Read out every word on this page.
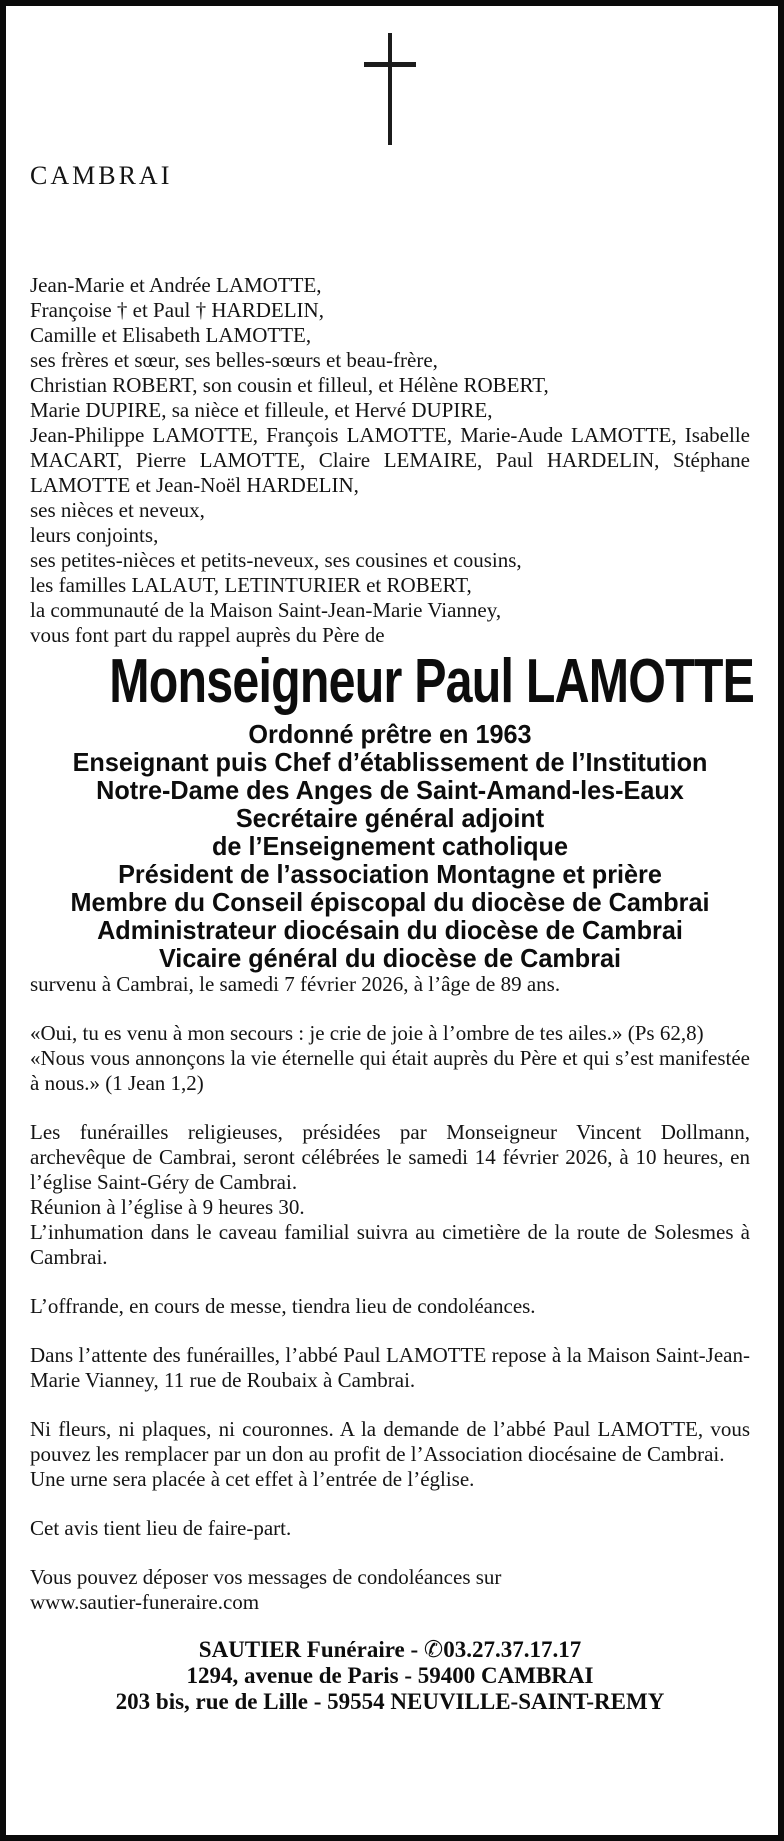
CAMBRAI

Jean-Marie et Andrée LAMOTTE,

Françoise † et Paul † HARDELIN,

Camille et Elisabeth LAMOTTE,

ses frères et sœur, ses belles-sœurs et beau-frère,

Christian ROBERT, son cousin et filleul, et Hélène ROBERT,

Marie DUPIRE, sa nièce et filleule, et Hervé DUPIRE,

Jean-Philippe LAMOTTE, François LAMOTTE, Marie-Aude LAMOTTE, Isabelle MACART, Pierre LAMOTTE, Claire LEMAIRE, Paul HARDELIN, Stéphane LAMOTTE et Jean-Noël HARDELIN,

ses nièces et neveux,

leurs conjoints,

ses petites-nièces et petits-neveux, ses cousines et cousins,

les familles LALAUT, LETINTURIER et ROBERT,

la communauté de la Maison Saint-Jean-Marie Vianney,

vous font part du rappel auprès du Père de

Monseigneur Paul LAMOTTE

Ordonné prêtre en 1963

Enseignant puis Chef d’établissement de l’Institution

Notre-Dame des Anges de Saint-Amand-les-Eaux

Secrétaire général adjoint

de l’Enseignement catholique

Président de l’association Montagne et prière

Membre du Conseil épiscopal du diocèse de Cambrai

Administrateur diocésain du diocèse de Cambrai

Vicaire général du diocèse de Cambrai

survenu à Cambrai, le samedi 7 février 2026, à l’âge de 89 ans.

«Oui, tu es venu à mon secours : je crie de joie à l’ombre de tes ailes.» (Ps 62,8)

«Nous vous annonçons la vie éternelle qui était auprès du Père et qui s’est manifestée à nous.» (1 Jean 1,2)

Les funérailles religieuses, présidées par Monseigneur Vincent Dollmann, archevêque de Cambrai, seront célébrées le samedi 14 février 2026, à 10 heures, en l’église Saint-Géry de Cambrai.

Réunion à l’église à 9 heures 30.

L’inhumation dans le caveau familial suivra au cimetière de la route de Solesmes à Cambrai.

L’offrande, en cours de messe, tiendra lieu de condoléances.

Dans l’attente des funérailles, l’abbé Paul LAMOTTE repose à la Maison Saint-Jean-Marie Vianney, 11 rue de Roubaix à Cambrai.

Ni fleurs, ni plaques, ni couronnes. A la demande de l’abbé Paul LAMOTTE, vous pouvez les remplacer par un don au profit de l’Association diocésaine de Cambrai.

Une urne sera placée à cet effet à l’entrée de l’église.

Cet avis tient lieu de faire-part.

Vous pouvez déposer vos messages de condoléances sur

www.sautier-funeraire.com

SAUTIER Funéraire - ✆03.27.37.17.17

1294, avenue de Paris - 59400 CAMBRAI

203 bis, rue de Lille - 59554 NEUVILLE-SAINT-REMY
